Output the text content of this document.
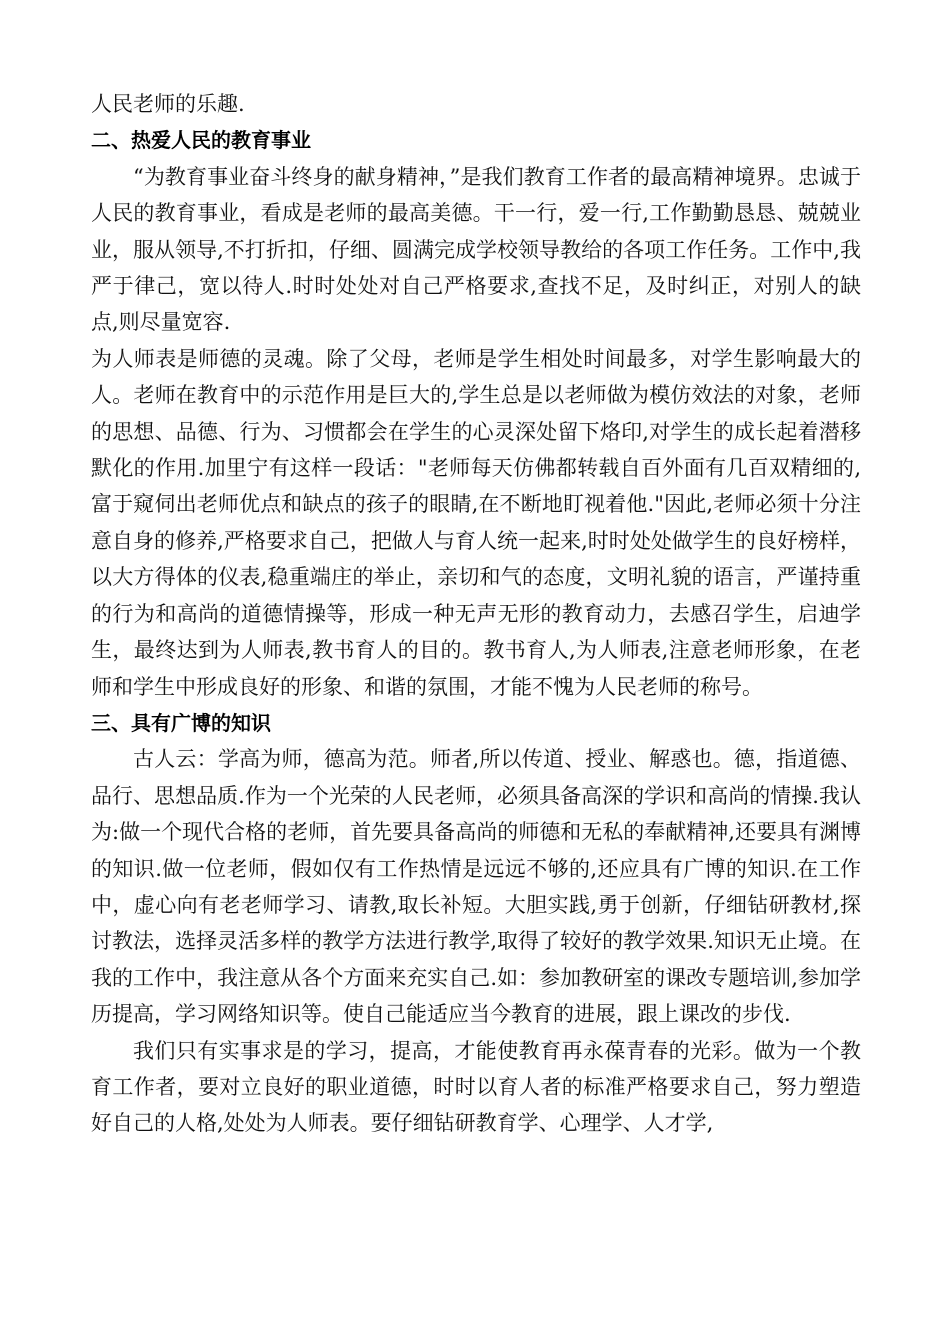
人民老师的乐趣.

二、热爱人民的教育事业

“为教育事业奋斗终身的献身精神，”是我们教育工作者的最高精神境界。忠诚于人民的教育事业，看成是老师的最高美德。干一行，爱一行,工作勤勤恳恳、兢兢业业，服从领导,不打折扣，仔细、圆满完成学校领导教给的各项工作任务。工作中,我严于律己，宽以待人.时时处处对自己严格要求,查找不足，及时纠正，对别人的缺点,则尽量宽容.

为人师表是师德的灵魂。除了父母，老师是学生相处时间最多，对学生影响最大的人。老师在教育中的示范作用是巨大的,学生总是以老师做为模仿效法的对象，老师的思想、品德、行为、习惯都会在学生的心灵深处留下烙印,对学生的成长起着潜移默化的作用.加里宁有这样一段话："老师每天仿佛都转载自百外面有几百双精细的,富于窥伺出老师优点和缺点的孩子的眼睛,在不断地盯视着他."因此,老师必须十分注意自身的修养,严格要求自己，把做人与育人统一起来,时时处处做学生的良好榜样，以大方得体的仪表,稳重端庄的举止，亲切和气的态度，文明礼貌的语言，严谨持重的行为和高尚的道德情操等，形成一种无声无形的教育动力，去感召学生，启迪学生，最终达到为人师表,教书育人的目的。教书育人,为人师表,注意老师形象，在老师和学生中形成良好的形象、和谐的氛围，才能不愧为人民老师的称号。

三、具有广博的知识

古人云：学高为师，德高为范。师者,所以传道、授业、解惑也。德，指道德、品行、思想品质.作为一个光荣的人民老师，必须具备高深的学识和高尚的情操.我认为:做一个现代合格的老师，首先要具备高尚的师德和无私的奉献精神,还要具有渊博的知识.做一位老师，假如仅有工作热情是远远不够的,还应具有广博的知识.在工作中，虚心向有老老师学习、请教,取长补短。大胆实践,勇于创新，仔细钻研教材,探讨教法，选择灵活多样的教学方法进行教学,取得了较好的教学效果.知识无止境。在我的工作中，我注意从各个方面来充实自己.如：参加教研室的课改专题培训,参加学历提高，学习网络知识等。使自己能适应当今教育的进展，跟上课改的步伐.

我们只有实事求是的学习，提高，才能使教育再永葆青春的光彩。做为一个教育工作者，要对立良好的职业道德，时时以育人者的标准严格要求自己，努力塑造好自己的人格,处处为人师表。要仔细钻研教育学、心理学、人才学,
